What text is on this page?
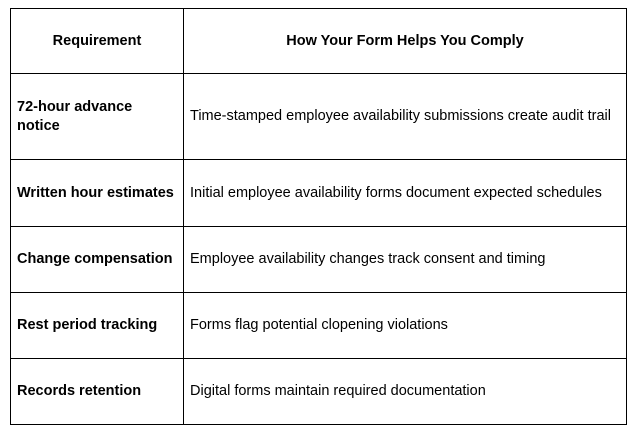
Requirement	How Your Form Helps You Comply
72-hour advance notice	Time-stamped employee availability submissions create audit trail
Written hour estimates	Initial employee availability forms document expected schedules
Change compensation	Employee availability changes track consent and timing
Rest period tracking	Forms flag potential clopening violations
Records retention	Digital forms maintain required documentation
